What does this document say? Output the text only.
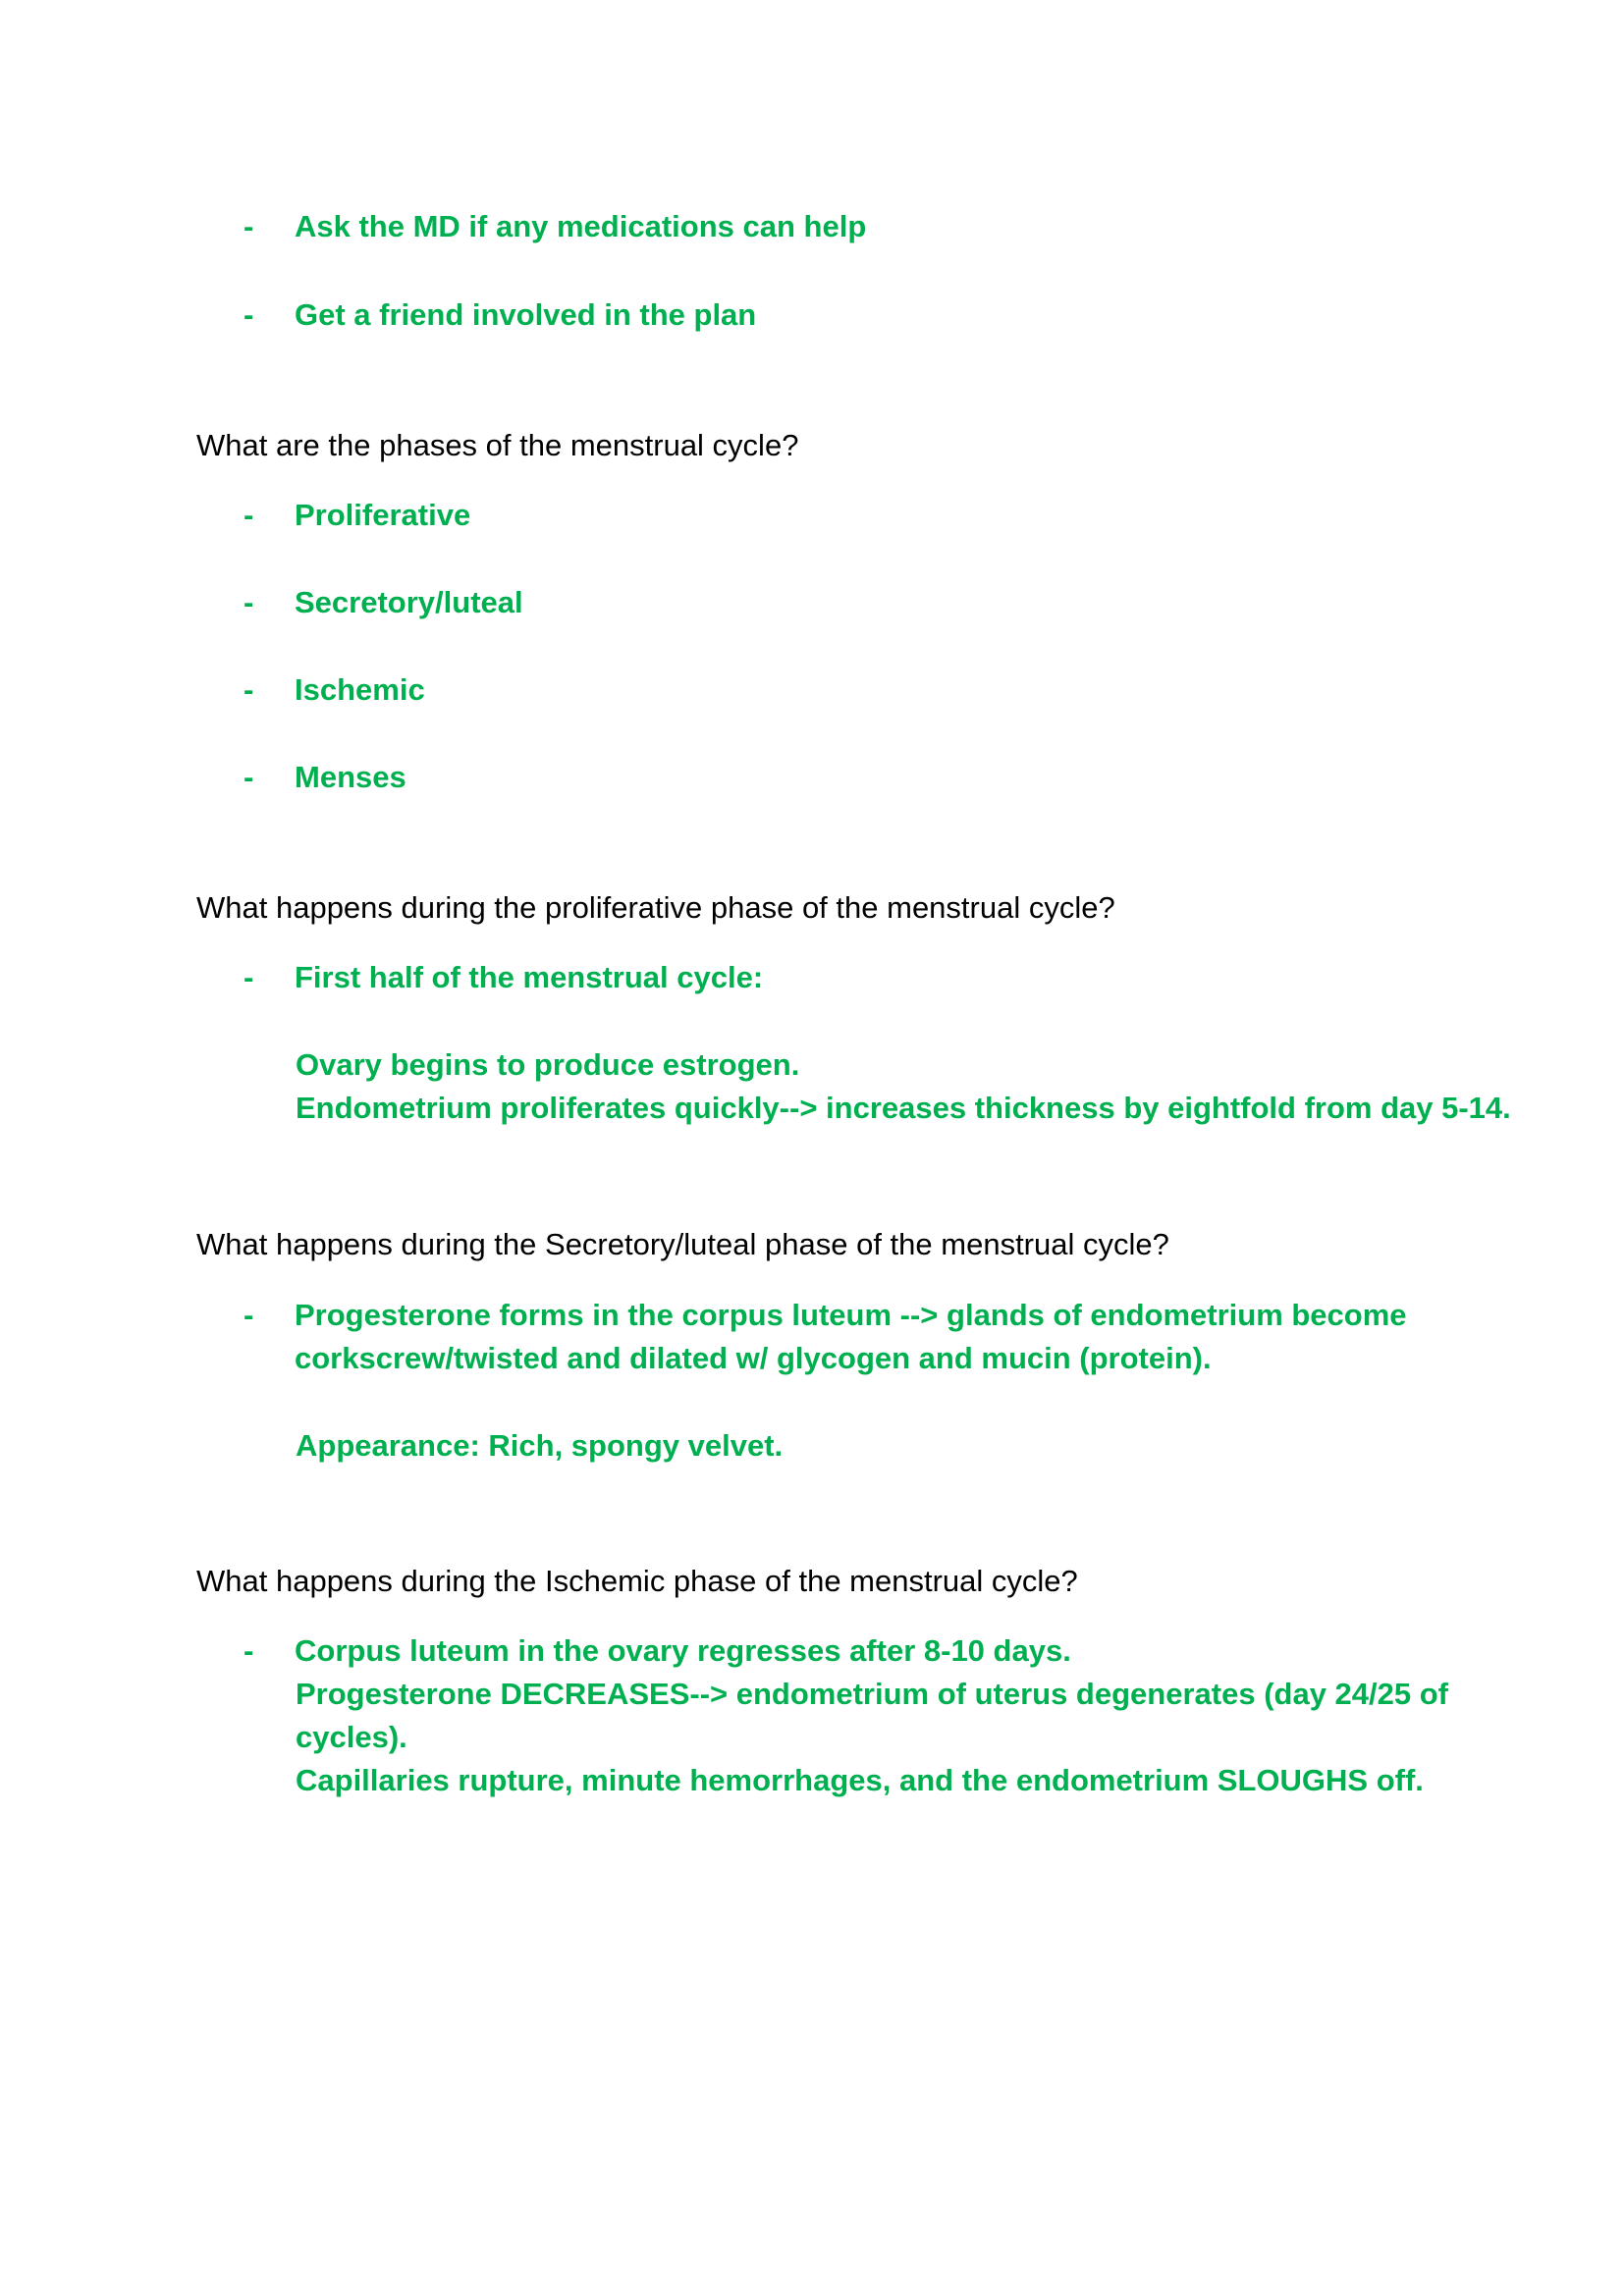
- Ask the MD if any medications can help
- Get a friend involved in the plan
What are the phases of the menstrual cycle?
- Proliferative
- Secretory/luteal
- Ischemic
- Menses
What happens during the proliferative phase of the menstrual cycle?
- First half of the menstrual cycle:
Ovary begins to produce estrogen.
Endometrium proliferates quickly--> increases thickness by eightfold from day 5-14.
What happens during the Secretory/luteal phase of the menstrual cycle?
- Progesterone forms in the corpus luteum --> glands of endometrium become
corkscrew/twisted and dilated w/ glycogen and mucin (protein).
Appearance: Rich, spongy velvet.
What happens during the Ischemic phase of the menstrual cycle?
- Corpus luteum in the ovary regresses after 8-10 days.
Progesterone DECREASES--> endometrium of uterus degenerates (day 24/25 of
cycles).
Capillaries rupture, minute hemorrhages, and the endometrium SLOUGHS off.
